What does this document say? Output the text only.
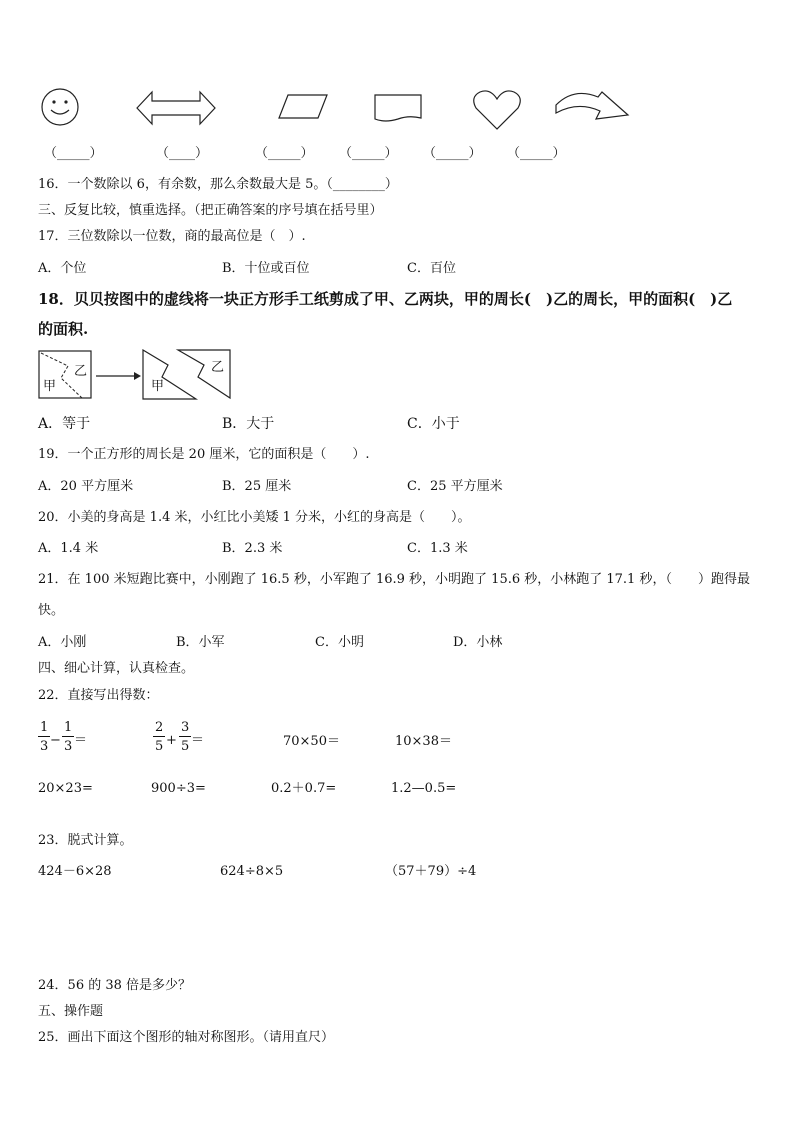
（_____）	（____）	（_____） （_____） （_____） （_____）
16．一个数除以 6，有余数，那么余数最大是 5。（________）
三、反复比较，慎重选择。（把正确答案的序号填在括号里）
17．三位数除以一位数，商的最高位是（　）.
A．个位	B．十位或百位	C．百位
18．贝贝按图中的虚线将一块正方形手工纸剪成了甲、乙两块，甲的周长(　)乙的周长，甲的面积(　)乙
的面积.
甲
乙
甲
乙
A．等于	B．大于	C．小于
19．一个正方形的周长是 20 厘米，它的面积是（　　）.
A．20 平方厘米	B．25 厘米	C．25 平方厘米
20．小美的身高是 1.4 米，小红比小美矮 1 分米，小红的身高是（　　）。
A．1.4 米	B．2.3 米	C．1.3 米
21．在 100 米短跑比赛中，小刚跑了 16.5 秒，小军跑了 16.9 秒，小明跑了 15.6 秒，小林跑了 17.1 秒，（　　）跑得最
快。
A．小刚	B．小军	C．小明	D．小林
四、细心计算，认真检查。
22．直接写出得数：
$\frac{1}{3} - \frac{1}{3}$ ＝	$\frac{2}{5} + \frac{3}{5}$ ＝	70×50＝	10×38＝
20×23=	900÷3=	0.2＋0.7=	1.2—0.5=
23．脱式计算。
424－6×28	624÷8×5	（57＋79）÷4
24．56 的 38 倍是多少？
五、操作题
25．画出下面这个图形的轴对称图形。（请用直尺）
